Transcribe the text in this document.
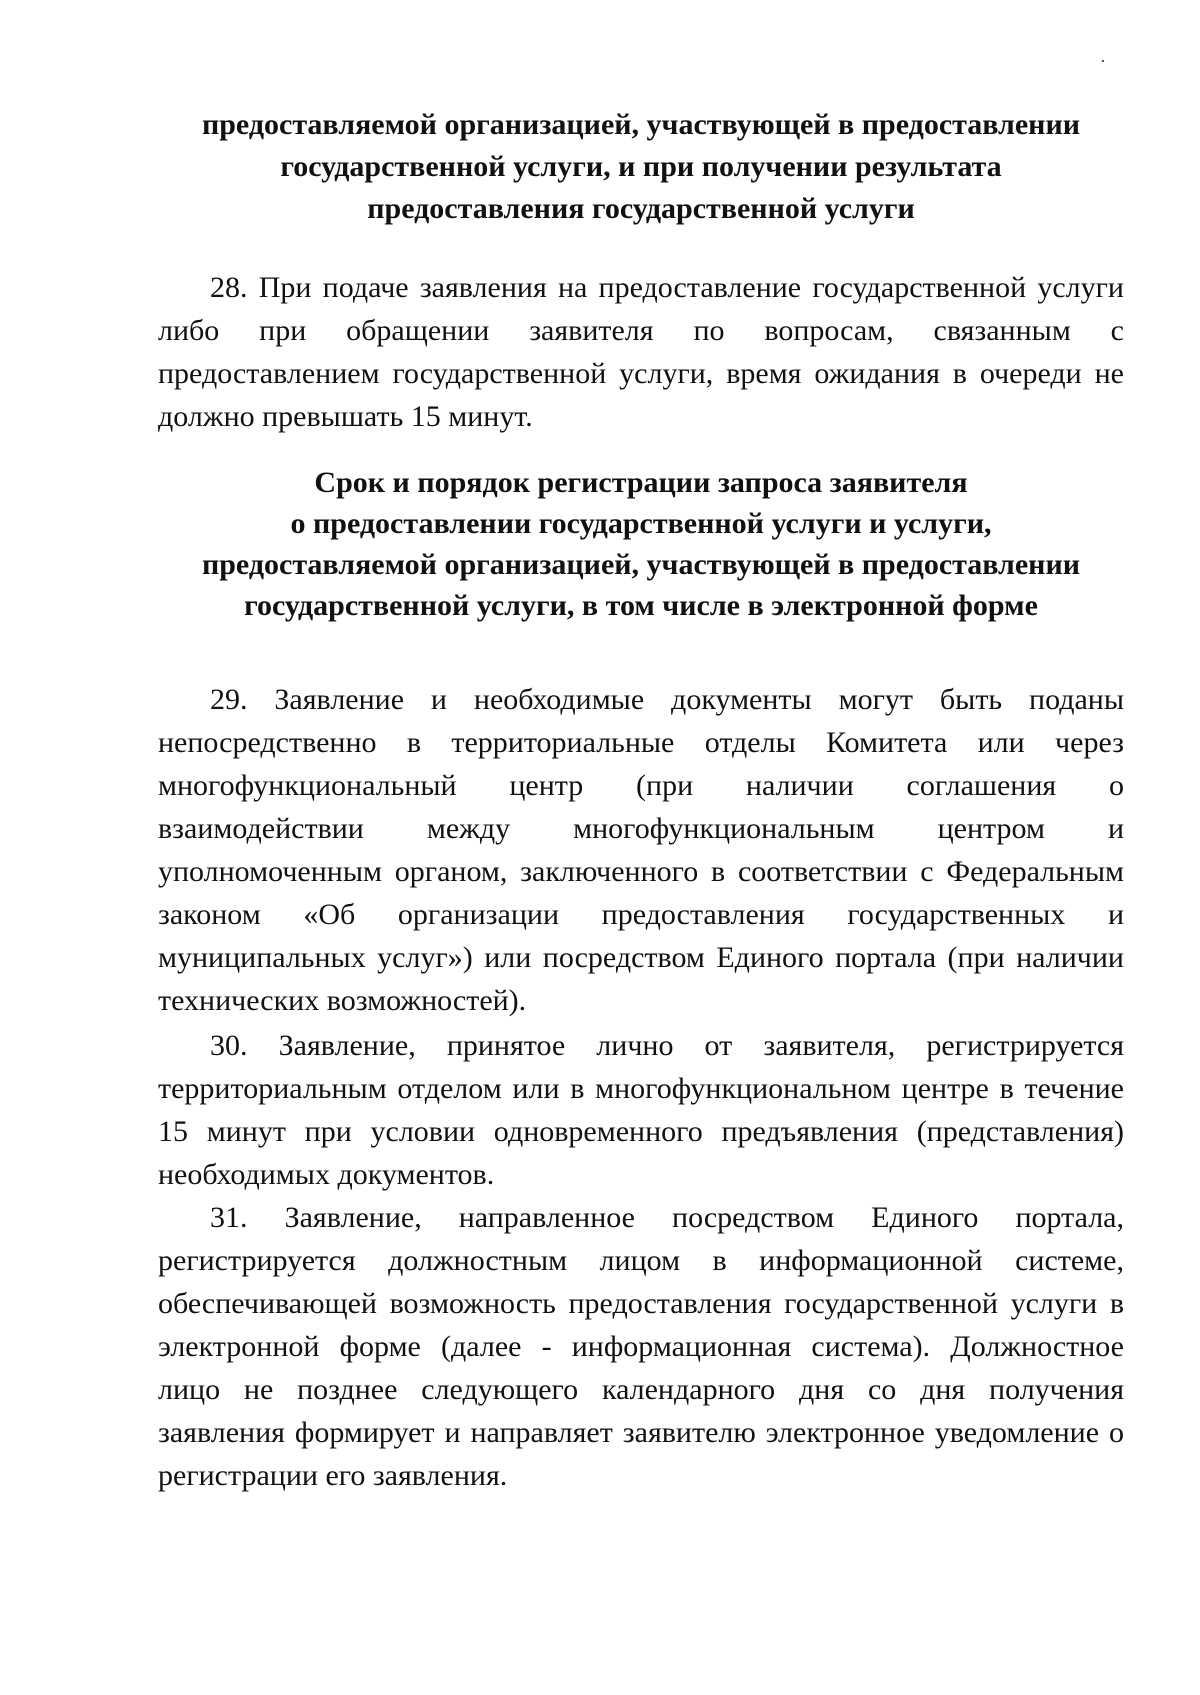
предоставляемой организацией, участвующей в предоставлении
государственной услуги, и при получении результата
предоставления государственной услуги

28. При подаче заявления на предоставление государственной услуги
либо при обращении заявителя по вопросам, связанным с
предоставлением государственной услуги, время ожидания в очереди не
должно превышать 15 минут.

Срок и порядок регистрации запроса заявителя
о предоставлении государственной услуги и услуги,
предоставляемой организацией, участвующей в предоставлении
государственной услуги, в том числе в электронной форме

29. Заявление и необходимые документы могут быть поданы
непосредственно в территориальные отделы Комитета или через
многофункциональный центр (при наличии соглашения о
взаимодействии между многофункциональным центром и
уполномоченным органом, заключенного в соответствии с Федеральным
законом «Об организации предоставления государственных и
муниципальных услуг») или посредством Единого портала (при наличии
технических возможностей).

30. Заявление, принятое лично от заявителя, регистрируется
территориальным отделом или в многофункциональном центре в течение
15 минут при условии одновременного предъявления (представления)
необходимых документов.

31. Заявление, направленное посредством Единого портала,
регистрируется должностным лицом в информационной системе,
обеспечивающей возможность предоставления государственной услуги в
электронной форме (далее - информационная система). Должностное
лицо не позднее следующего календарного дня со дня получения
заявления формирует и направляет заявителю электронное уведомление о
регистрации его заявления.
